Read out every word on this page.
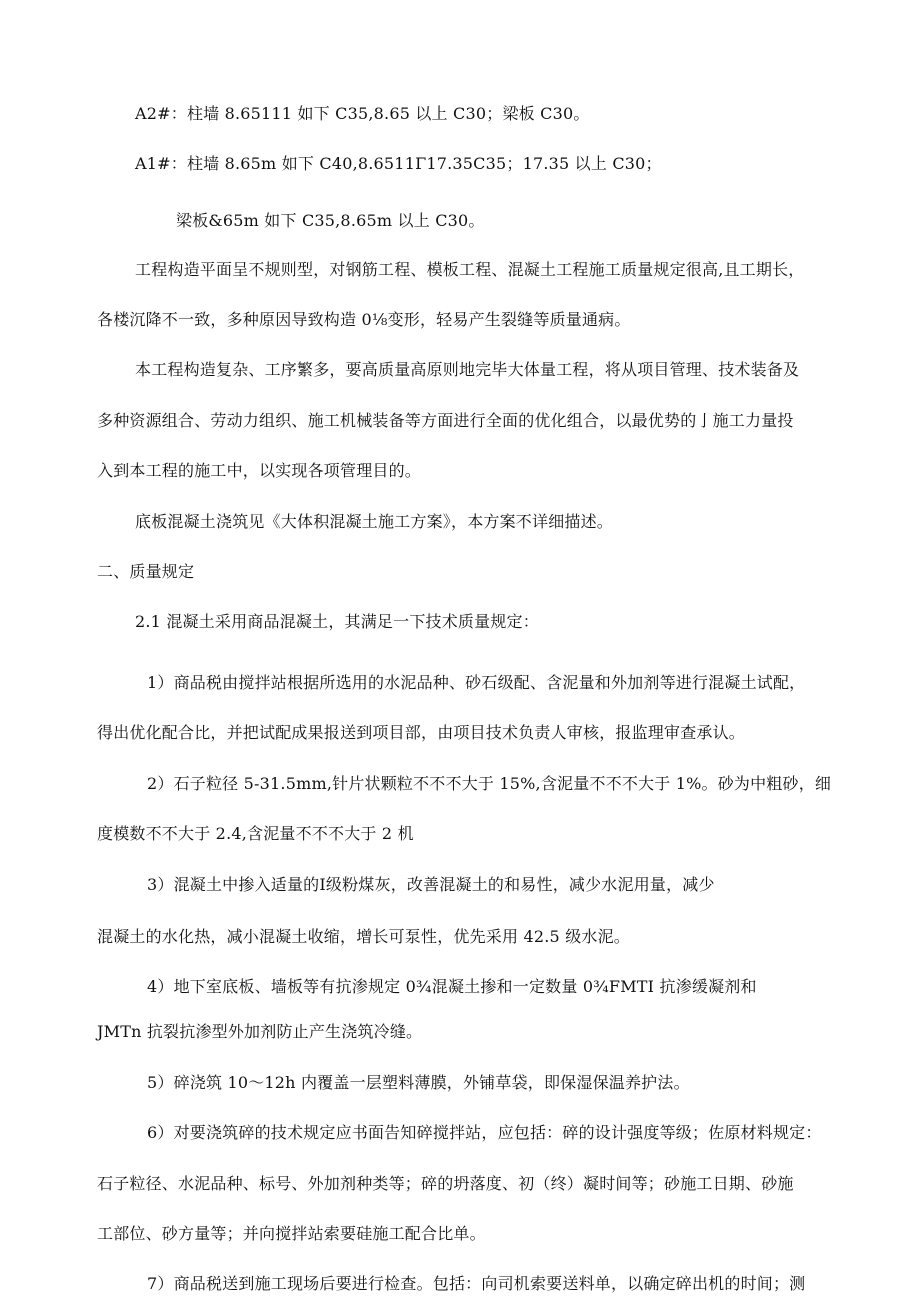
A2#：柱墙 8.65111 如下 C35,8.65 以上 C30；梁板 C30。
A1#：柱墙 8.65m 如下 C40,8.6511Γ17.35C35；17.35 以上 C30；
梁板&65m 如下 C35,8.65m 以上 C30。
工程构造平面呈不规则型，对钢筋工程、模板工程、混凝土工程施工质量规定很高,且工期长，
各楼沉降不一致，多种原因导致构造 0⅛变形，轻易产生裂缝等质量通病。
本工程构造复杂、工序繁多，要高质量高原则地完毕大体量工程，将从项目管理、技术装备及
多种资源组合、劳动力组织、施工机械装备等方面进行全面的优化组合，以最优势的亅施工力量投
入到本工程的施工中，以实现各项管理目的。
底板混凝土浇筑见《大体积混凝土施工方案》，本方案不详细描述。
二、质量规定
2.1 混凝土采用商品混凝土，其满足一下技术质量规定：
1）商品税由搅拌站根据所选用的水泥品种、砂石级配、含泥量和外加剂等进行混凝土试配，
得出优化配合比，并把试配成果报送到项目部，由项目技术负责人审核，报监理审查承认。
2）石子粒径 5-31.5mm,针片状颗粒不不不大于 15%,含泥量不不不大于 1%。砂为中粗砂，细
度模数不不大于 2.4,含泥量不不不大于 2 机
3）混凝土中掺入适量的Ⅰ级粉煤灰，改善混凝土的和易性，减少水泥用量，减少
混凝土的水化热，减小混凝土收缩，增长可泵性，优先采用 42.5 级水泥。
4）地下室底板、墙板等有抗渗规定 0¾混凝土掺和一定数量 0¾FMTI 抗渗缓凝剂和
JMTn 抗裂抗渗型外加剂防止产生浇筑冷缝。
5）碎浇筑 10～12h 内覆盖一层塑料薄膜，外铺草袋，即保湿保温养护法。
6）对要浇筑碎的技术规定应书面告知碎搅拌站，应包括：碎的设计强度等级；佐原材料规定：
石子粒径、水泥品种、标号、外加剂种类等；碎的坍落度、初（终）凝时间等；砂施工日期、砂施
工部位、砂方量等；并向搅拌站索要硅施工配合比单。
7）商品税送到施工现场后要进行检查。包括：向司机索要送料单，以确定碎出机的时间；测
